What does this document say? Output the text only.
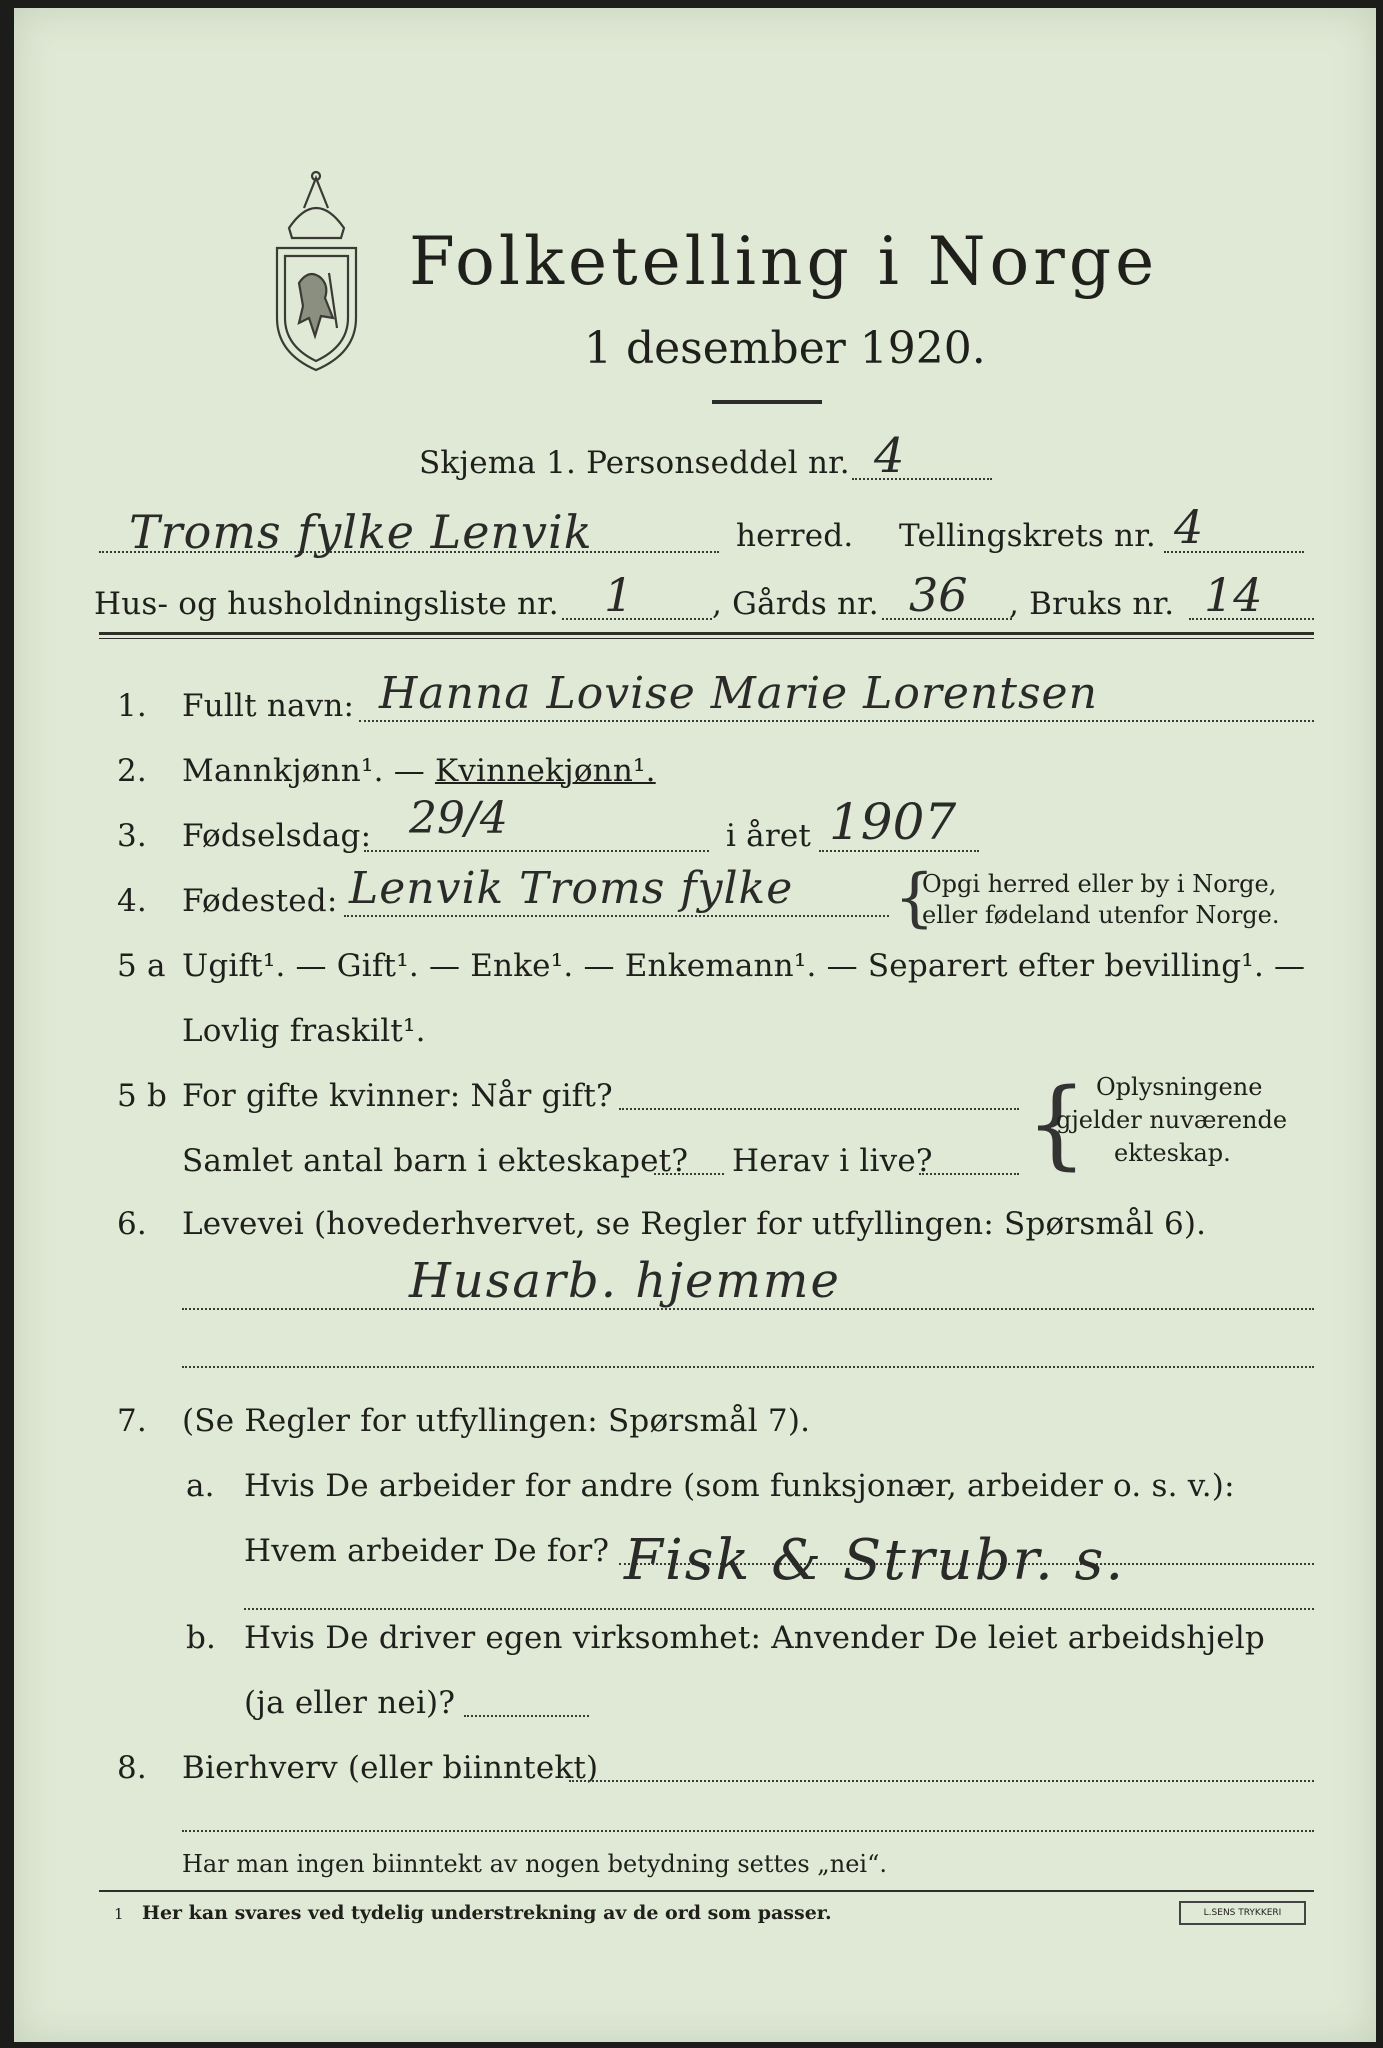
Folketelling i Norge
1 desember 1920.
Skjema 1. Personseddel nr. 4
Troms fylke Lenvik	herred. Tellingskrets nr. 4
Hus- og husholdningsliste nr. 1	, Gårds nr. 36 , Bruks nr. 14
1. Fullt navn: Hanna Lovise Marie Lorentsen
2. Mannkjønn¹. — Kvinnekjønn¹.
3. Fødselsdag: 29/4	i året 1907
4. Fødested: Lenvik Troms fylke {
Opgi herred eller by i Norge,
eller fødeland utenfor Norge.
5 a Ugift¹. — Gift¹. — Enke¹. — Enkemann¹. — Separert efter bevilling¹. —
Lovlig fraskilt¹.
5 b For gifte kvinner: Når gift?
Samlet antal barn i ekteskapet? Herav i live? { Oplysningene
gjelder nuværende
ekteskap.
6. Levevei (hovederhvervet, se Regler for utfyllingen: Spørsmål 6).
Husarb. hjemme
7. (Se Regler for utfyllingen: Spørsmål 7).
a. Hvis De arbeider for andre (som funksjonær, arbeider o. s. v.):
Hvem arbeider De for? Fisk & Strubr. s.
b. Hvis De driver egen virksomhet: Anvender De leiet arbeidshjelp
(ja eller nei)?
8. Bierhverv (eller biinntekt)
Har man ingen biinntekt av nogen betydning settes „nei“.
1 Her kan svares ved tydelig understrekning av de ord som passer.	L.SENS TRYKKERI
